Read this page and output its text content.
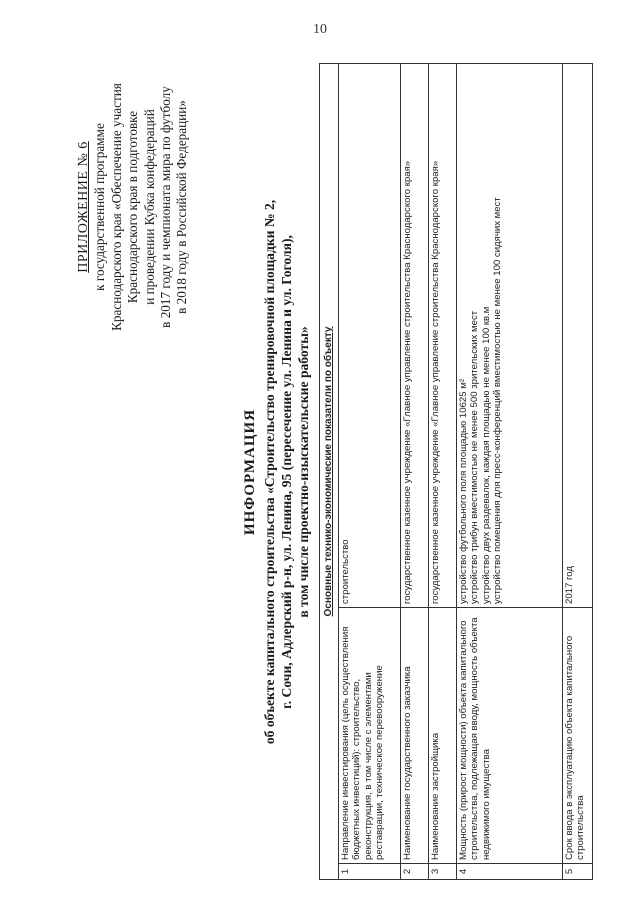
10
ПРИЛОЖЕНИЕ № 6 к государственной программе Краснодарского края «Обеспечение участия Краснодарского края в подготовке и проведении Кубка конфедераций в 2017 году и чемпионата мира по футболу в 2018 году в Российской Федерации»
ИНФОРМАЦИЯ об объекте капитального строительства «Строительство тренировочной площадки № 2, г. Сочи, Адлерский р-н, ул. Ленина, 95 (пересечение ул. Ленина и ул. Гоголя), в том числе проектно-изыскательские работы» Основные технико-экономические показатели по объекту		
1	Направление инвестирования (цель осуществления бюджетных инвестиций): строительство, реконструкция, в том числе с элементами реставрации, техническое перевооружение	строительство
2	Наименование государственного заказчика	государственное казенное учреждение «Главное управление строительства Краснодарского края»
3	Наименование застройщика	государственное казенное учреждение «Главное управление строительства Краснодарского края»
4	Мощность (прирост мощности) объекта капитального строительства, подлежащая вводу, мощность объекта недвижимого имущества	устройство футбольного поля площадью 10625 м² устройство трибун вместимостью не менее 500 зрительских мест устройство двух раздевалок, каждая площадью не менее 100 кв.м устройство помещения для пресс-конференций вместимостью не менее 100 сидячих мест

5	Срок ввода в эксплуатацию объекта капитального строительства	2017 год
